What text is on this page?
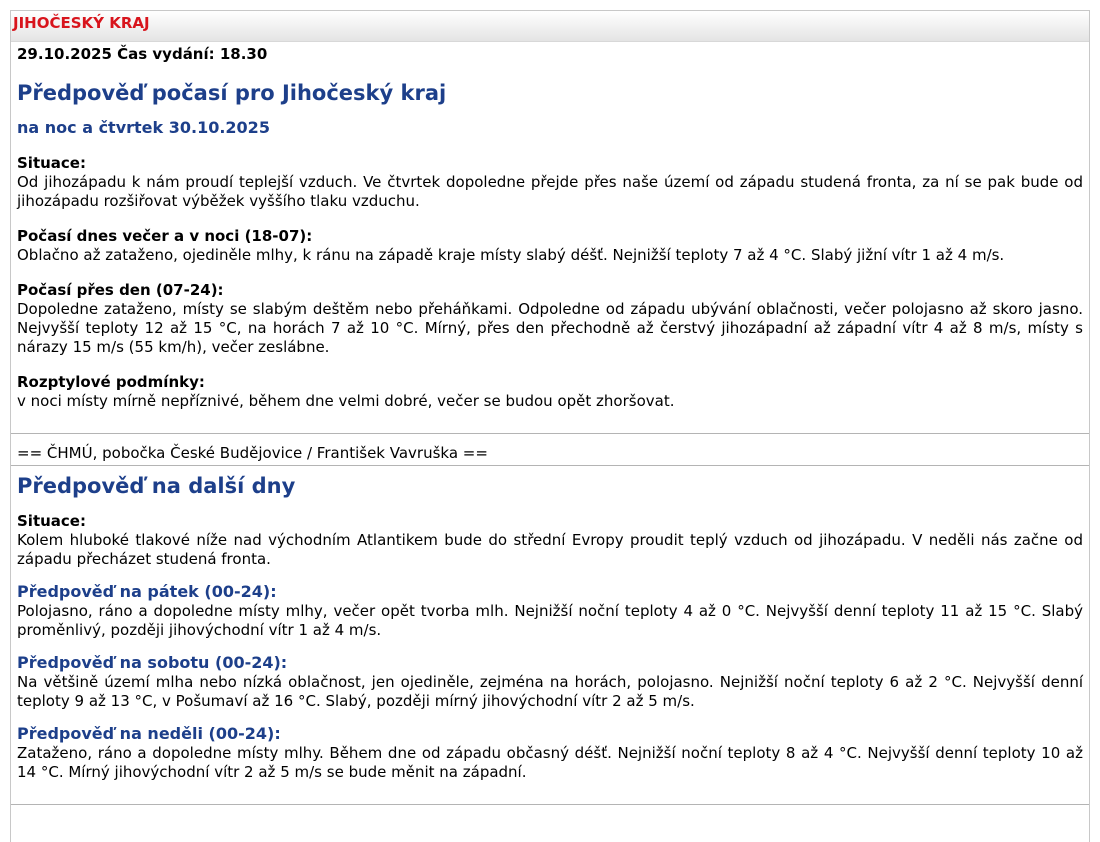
JIHOČESKÝ KRAJ
29.10.2025 Čas vydání: 18.30
Předpověď počasí pro Jihočeský kraj
na noc a čtvrtek 30.10.2025
Situace:

Od jihozápadu k nám proudí teplejší vzduch. Ve čtvrtek dopoledne přejde přes naše území od západu studená fronta, za ní se pak bude od jihozápadu rozšiřovat výběžek vyššího tlaku vzduchu.

Počasí dnes večer a v noci (18-07):

Oblačno až zataženo, ojediněle mlhy, k ránu na západě kraje místy slabý déšť. Nejnižší teploty 7 až 4 °C. Slabý jižní vítr 1 až 4 m/s.

Počasí přes den (07-24):

Dopoledne zataženo, místy se slabým deštěm nebo přeháňkami. Odpoledne od západu ubývání oblačnosti, večer polojasno až skoro jasno. Nejvyšší teploty 12 až 15 °C, na horách 7 až 10 °C. Mírný, přes den přechodně až čerstvý jihozápadní až západní vítr 4 až 8 m/s, místy s nárazy 15 m/s (55 km/h), večer zeslábne.

Rozptylové podmínky:

v noci místy mírně nepříznivé, během dne velmi dobré, večer se budou opět zhoršovat.

== ČHMÚ, pobočka České Budějovice / František Vavruška ==
Předpověď na další dny
Situace:

Kolem hluboké tlakové níže nad východním Atlantikem bude do střední Evropy proudit teplý vzduch od jihozápadu. V neděli nás začne od západu přecházet studená fronta.

Předpověď na pátek (00-24):

Polojasno, ráno a dopoledne místy mlhy, večer opět tvorba mlh. Nejnižší noční teploty 4 až 0 °C. Nejvyšší denní teploty 11 až 15 °C. Slabý proměnlivý, později jihovýchodní vítr 1 až 4 m/s.

Předpověď na sobotu (00-24):

Na většině území mlha nebo nízká oblačnost, jen ojediněle, zejména na horách, polojasno. Nejnižší noční teploty 6 až 2 °C. Nejvyšší denní teploty 9 až 13 °C, v Pošumaví až 16 °C. Slabý, později mírný jihovýchodní vítr 2 až 5 m/s.

Předpověď na neděli (00-24):

Zataženo, ráno a dopoledne místy mlhy. Během dne od západu občasný déšť. Nejnižší noční teploty 8 až 4 °C. Nejvyšší denní teploty 10 až 14 °C. Mírný jihovýchodní vítr 2 až 5 m/s se bude měnit na západní.
